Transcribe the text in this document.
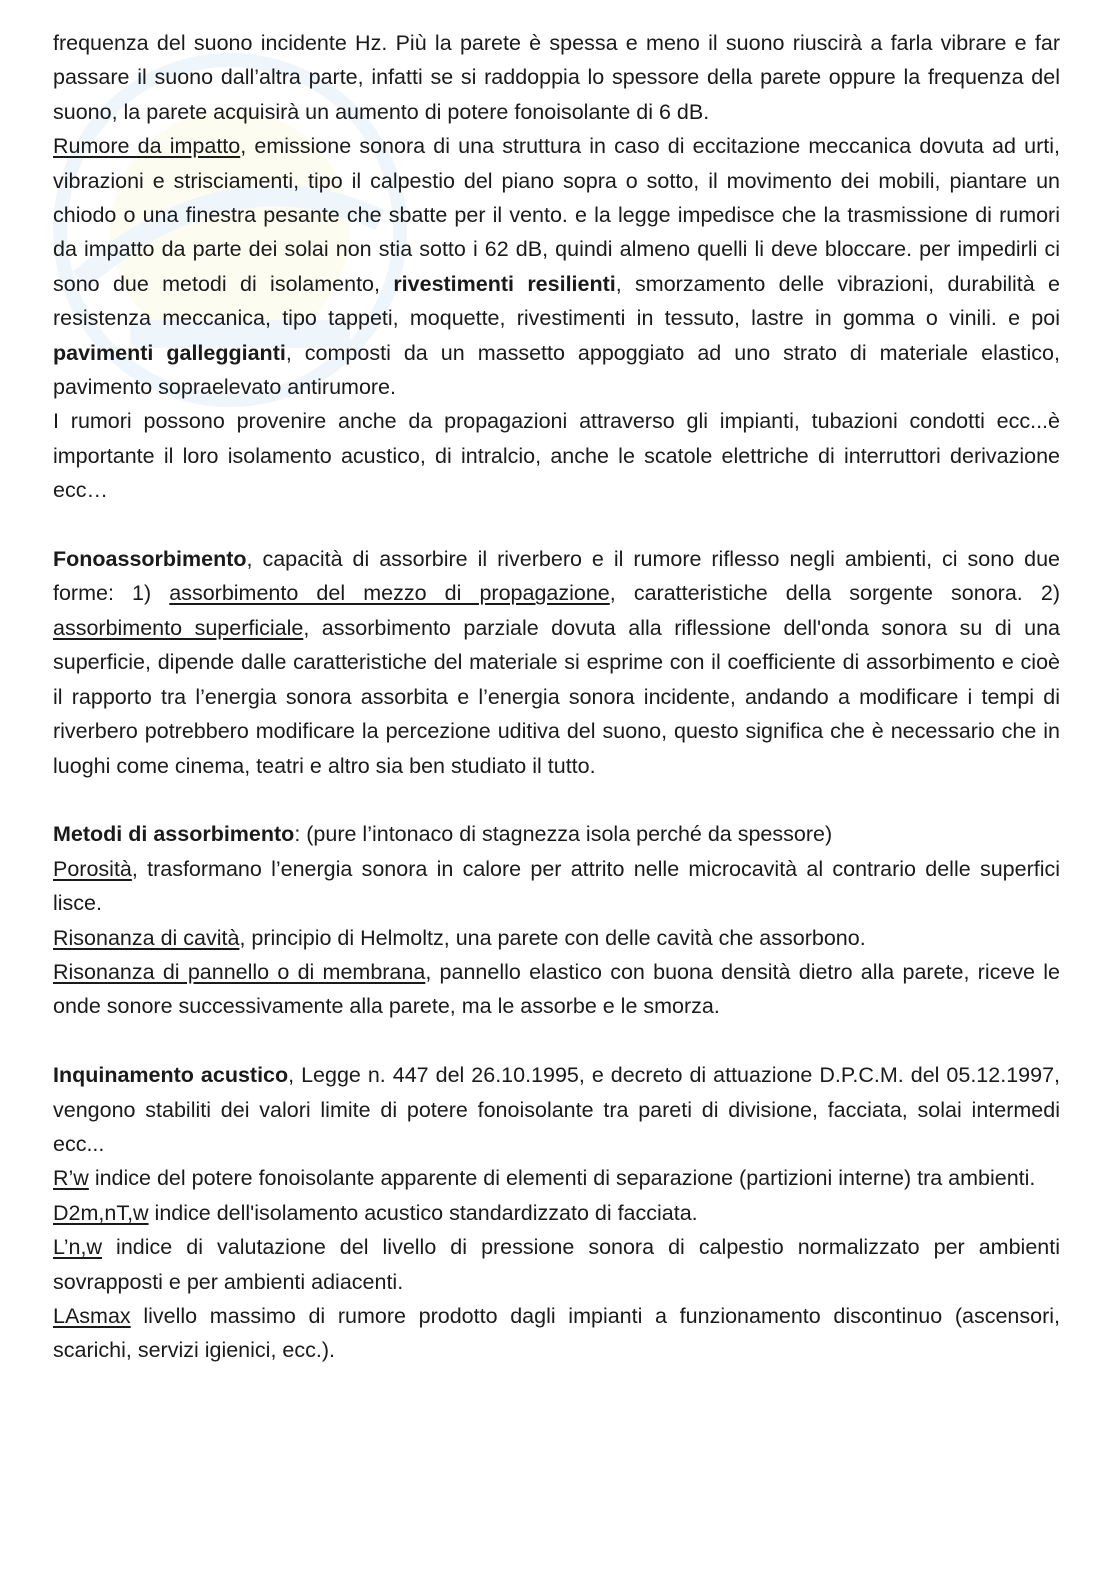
frequenza del suono incidente Hz. Più la parete è spessa e meno il suono riuscirà a farla vibrare e far passare il suono dall’altra parte, infatti se si raddoppia lo spessore della parete oppure la frequenza del suono, la parete acquisirà un aumento di potere fonoisolante di 6 dB.

Rumore da impatto, emissione sonora di una struttura in caso di eccitazione meccanica dovuta ad urti, vibrazioni e strisciamenti, tipo il calpestio del piano sopra o sotto, il movimento dei mobili, piantare un chiodo o una finestra pesante che sbatte per il vento. e la legge impedisce che la trasmissione di rumori da impatto da parte dei solai non stia sotto i 62 dB, quindi almeno quelli li deve bloccare. per impedirli ci sono due metodi di isolamento, rivestimenti resilienti, smorzamento delle vibrazioni, durabilità e resistenza meccanica, tipo tappeti, moquette, rivestimenti in tessuto, lastre in gomma o vinili. e poi pavimenti galleggianti, composti da un massetto appoggiato ad uno strato di materiale elastico, pavimento sopraelevato antirumore.

I rumori possono provenire anche da propagazioni attraverso gli impianti, tubazioni condotti ecc...è importante il loro isolamento acustico, di intralcio, anche le scatole elettriche di interruttori derivazione ecc…

Fonoassorbimento, capacità di assorbire il riverbero e il rumore riflesso negli ambienti, ci sono due forme: 1) assorbimento del mezzo di propagazione, caratteristiche della sorgente sonora. 2) assorbimento superficiale, assorbimento parziale dovuta alla riflessione dell'onda sonora su di una superficie, dipende dalle caratteristiche del materiale si esprime con il coefficiente di assorbimento e cioè il rapporto tra l’energia sonora assorbita e l’energia sonora incidente, andando a modificare i tempi di riverbero potrebbero modificare la percezione uditiva del suono, questo significa che è necessario che in luoghi come cinema, teatri e altro sia ben studiato il tutto.

Metodi di assorbimento: (pure l’intonaco di stagnezza isola perché da spessore)

Porosità, trasformano l’energia sonora in calore per attrito nelle microcavità al contrario delle superfici lisce.

Risonanza di cavità, principio di Helmoltz, una parete con delle cavità che assorbono.

Risonanza di pannello o di membrana, pannello elastico con buona densità dietro alla parete, riceve le onde sonore successivamente alla parete, ma le assorbe e le smorza.

Inquinamento acustico, Legge n. 447 del 26.10.1995, e decreto di attuazione D.P.C.M. del 05.12.1997, vengono stabiliti dei valori limite di potere fonoisolante tra pareti di divisione, facciata, solai intermedi ecc...

R’w indice del potere fonoisolante apparente di elementi di separazione (partizioni interne) tra ambienti.

D2m,nT,w indice dell'isolamento acustico standardizzato di facciata.

L’n,w indice di valutazione del livello di pressione sonora di calpestio normalizzato per ambienti sovrapposti e per ambienti adiacenti.

LAsmax livello massimo di rumore prodotto dagli impianti a funzionamento discontinuo (ascensori, scarichi, servizi igienici, ecc.).
